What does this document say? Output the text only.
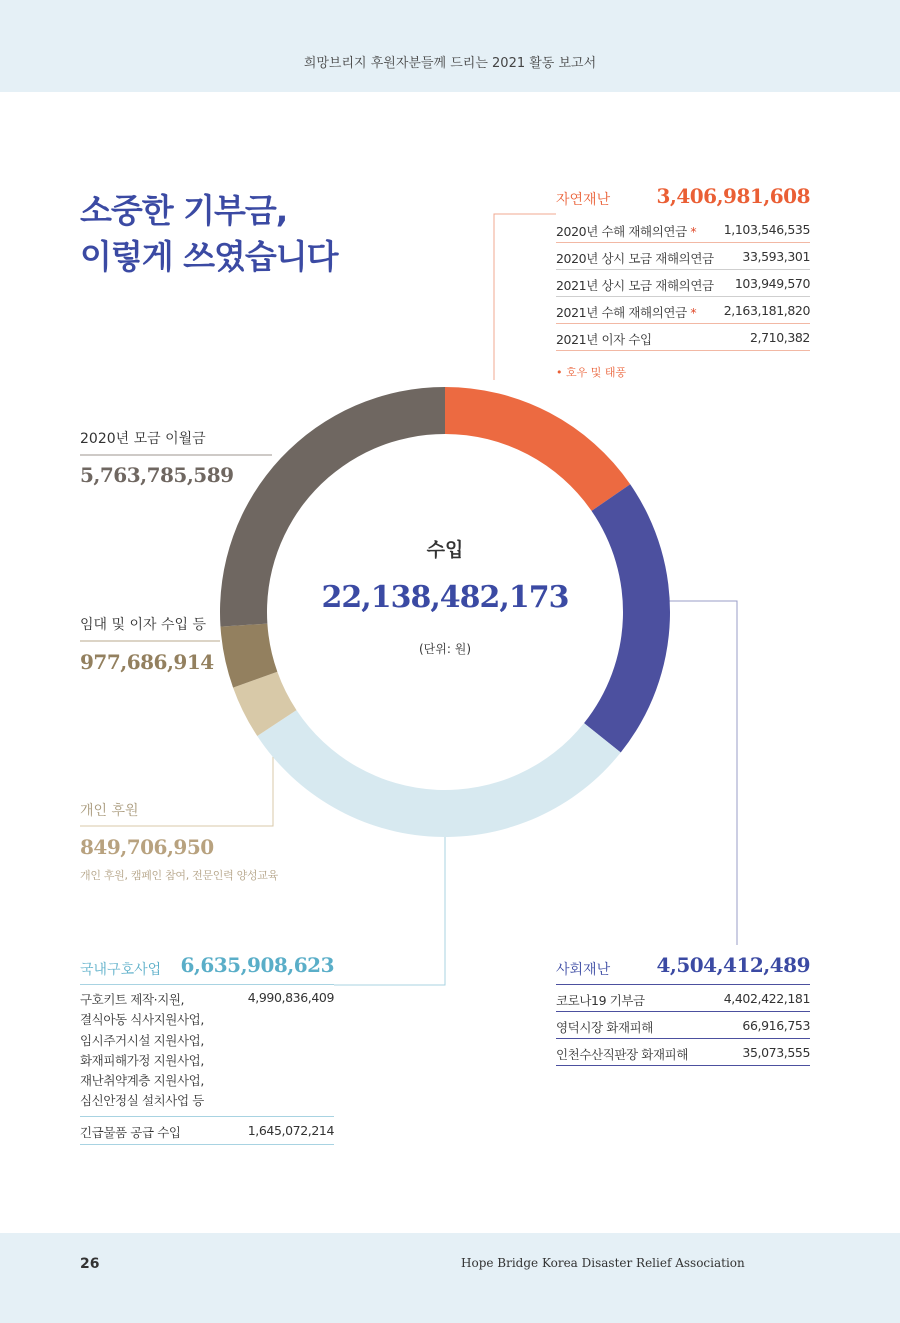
희망브리지 후원자분들께 드리는 2021 활동 보고서
소중한 기부금,
이렇게 쓰였습니다
수입
22,138,482,173
(단위: 원)
자연재난	3,406,981,608
2020년 수해 재해의연금 * 1,103,546,535
2020년 상시 모금 재해의연금 33,593,301
2021년 상시 모금 재해의연금 103,949,570
2021년 수해 재해의연금 * 2,163,181,820
2021년 이자 수입	2,710,382
• 호우 및 태풍
2020년 모금 이월금
5,763,785,589
임대 및 이자 수입 등
977,686,914
개인 후원
849,706,950
개인 후원, 캠페인 참여, 전문인력 양성교육
국내구호사업 6,635,908,623
구호키트 제작·지원,
결식아동 식사지원사업,
임시주거시설 지원사업,
화재피해가정 지원사업,
재난취약계층 지원사업,
심신안정실 설치사업 등
4,990,836,409
긴급물품 공급 수입	1,645,072,214
사회재난	4,504,412,489
코로나19 기부금	4,402,422,181
영덕시장 화재피해	66,916,753
인천수산직판장 화재피해	35,073,555
26	Hope Bridge Korea Disaster Relief Association
